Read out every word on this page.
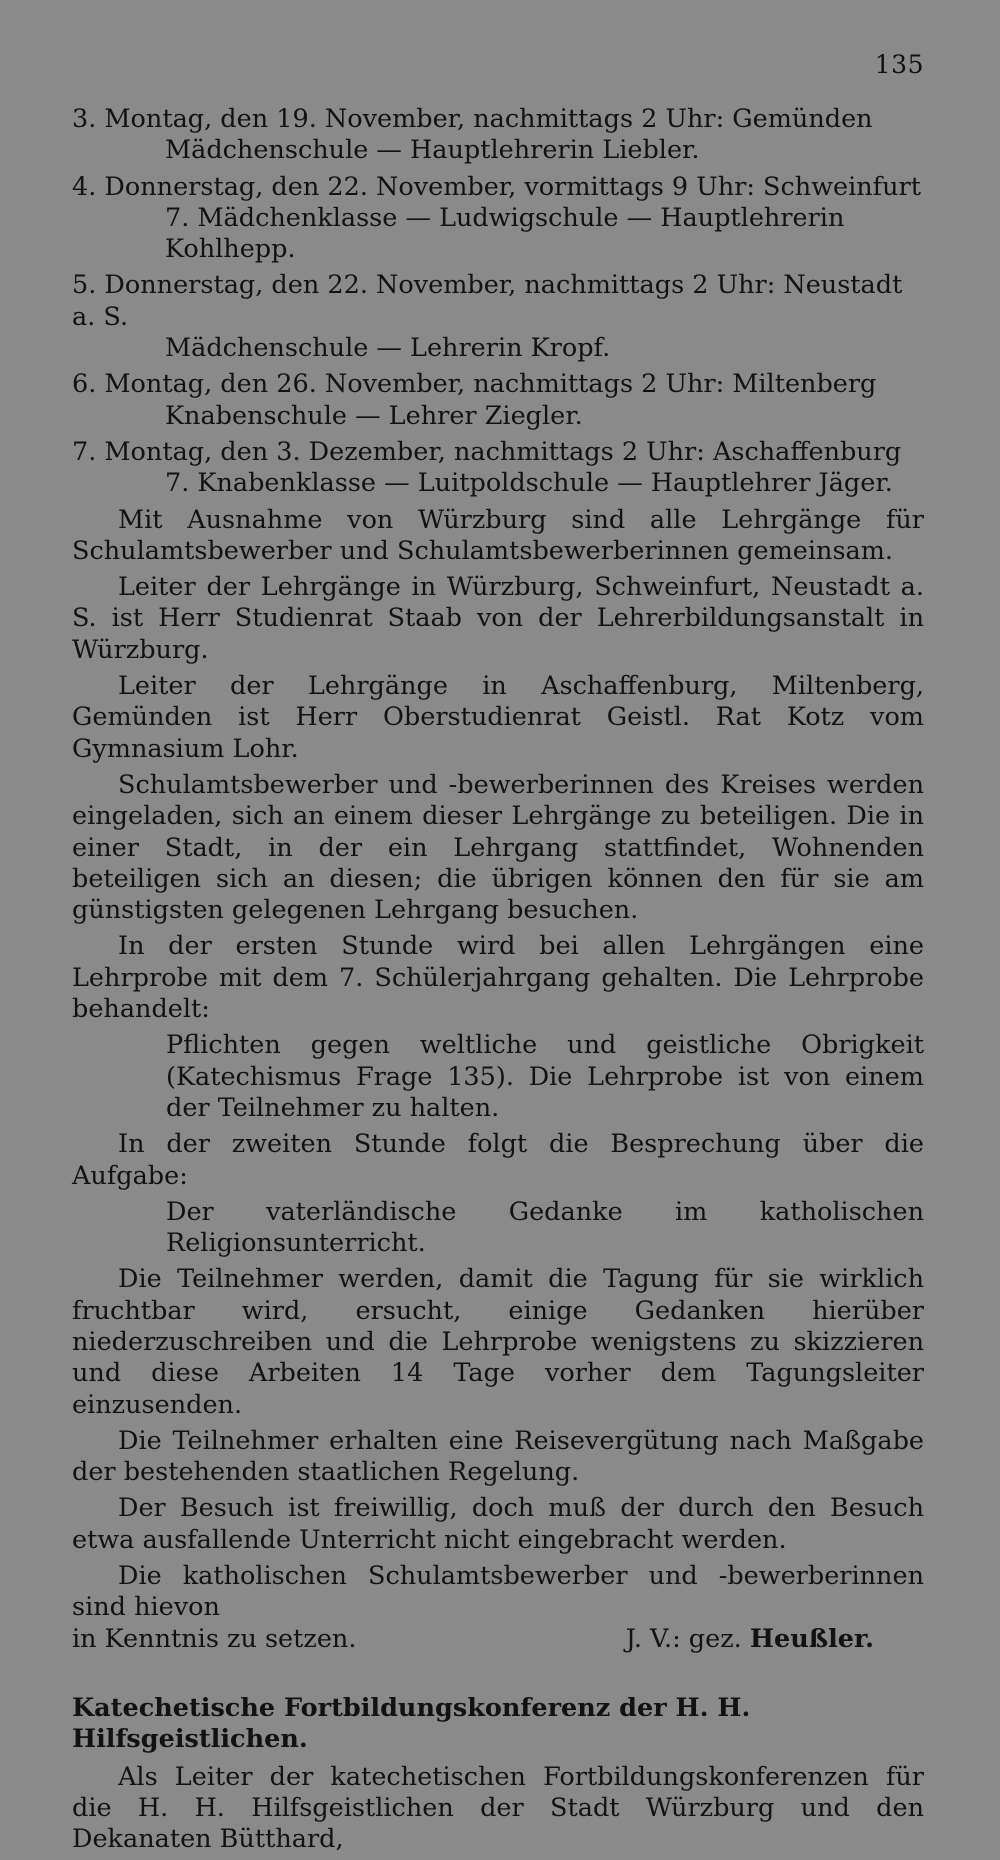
135
3. Montag, den 19. November, nachmittags 2 Uhr: Gemünden
Mädchenschule — Hauptlehrerin Liebler.
4. Donnerstag, den 22. November, vormittags 9 Uhr: Schweinfurt
7. Mädchenklasse — Ludwigschule — Hauptlehrerin Kohlhepp.
5. Donnerstag, den 22. November, nachmittags 2 Uhr: Neustadt a. S.
Mädchenschule — Lehrerin Kropf.
6. Montag, den 26. November, nachmittags 2 Uhr: Miltenberg
Knabenschule — Lehrer Ziegler.
7. Montag, den 3. Dezember, nachmittags 2 Uhr: Aschaffenburg
7. Knabenklasse — Luitpoldschule — Hauptlehrer Jäger.

Mit Ausnahme von Würzburg sind alle Lehrgänge für Schulamtsbewerber und Schulamtsbewerberinnen gemeinsam.

Leiter der Lehrgänge in Würzburg, Schweinfurt, Neustadt a. S. ist Herr Studienrat Staab von der Lehrerbildungsanstalt in Würzburg.

Leiter der Lehrgänge in Aschaffenburg, Miltenberg, Gemünden ist Herr Oberstudienrat Geistl. Rat Kotz vom Gymnasium Lohr.

Schulamtsbewerber und -bewerberinnen des Kreises werden eingeladen, sich an einem dieser Lehrgänge zu beteiligen. Die in einer Stadt, in der ein Lehrgang stattfindet, Wohnenden beteiligen sich an diesen; die übrigen können den für sie am günstigsten gelegenen Lehrgang besuchen.

In der ersten Stunde wird bei allen Lehrgängen eine Lehrprobe mit dem 7. Schülerjahrgang gehalten. Die Lehrprobe behandelt:

Pflichten gegen weltliche und geistliche Obrigkeit (Katechismus Frage 135). Die Lehrprobe ist von einem der Teilnehmer zu halten.

In der zweiten Stunde folgt die Besprechung über die Aufgabe:

Der vaterländische Gedanke im katholischen Religionsunterricht.

Die Teilnehmer werden, damit die Tagung für sie wirklich fruchtbar wird, ersucht, einige Gedanken hierüber niederzuschreiben und die Lehrprobe wenigstens zu skizzieren und diese Arbeiten 14 Tage vorher dem Tagungsleiter einzusenden.

Die Teilnehmer erhalten eine Reisevergütung nach Maßgabe der bestehenden staatlichen Regelung.

Der Besuch ist freiwillig, doch muß der durch den Besuch etwa ausfallende Unterricht nicht eingebracht werden.

Die katholischen Schulamtsbewerber und -bewerberinnen sind hievon

in Kenntnis zu setzen.	J. V.: gez. Heußler.
Katechetische Fortbildungskonferenz der H. H. Hilfsgeistlichen.

Als Leiter der katechetischen Fortbildungskonferenzen für die H. H. Hilfsgeistlichen der Stadt Würzburg und den Dekanaten Bütthard,
